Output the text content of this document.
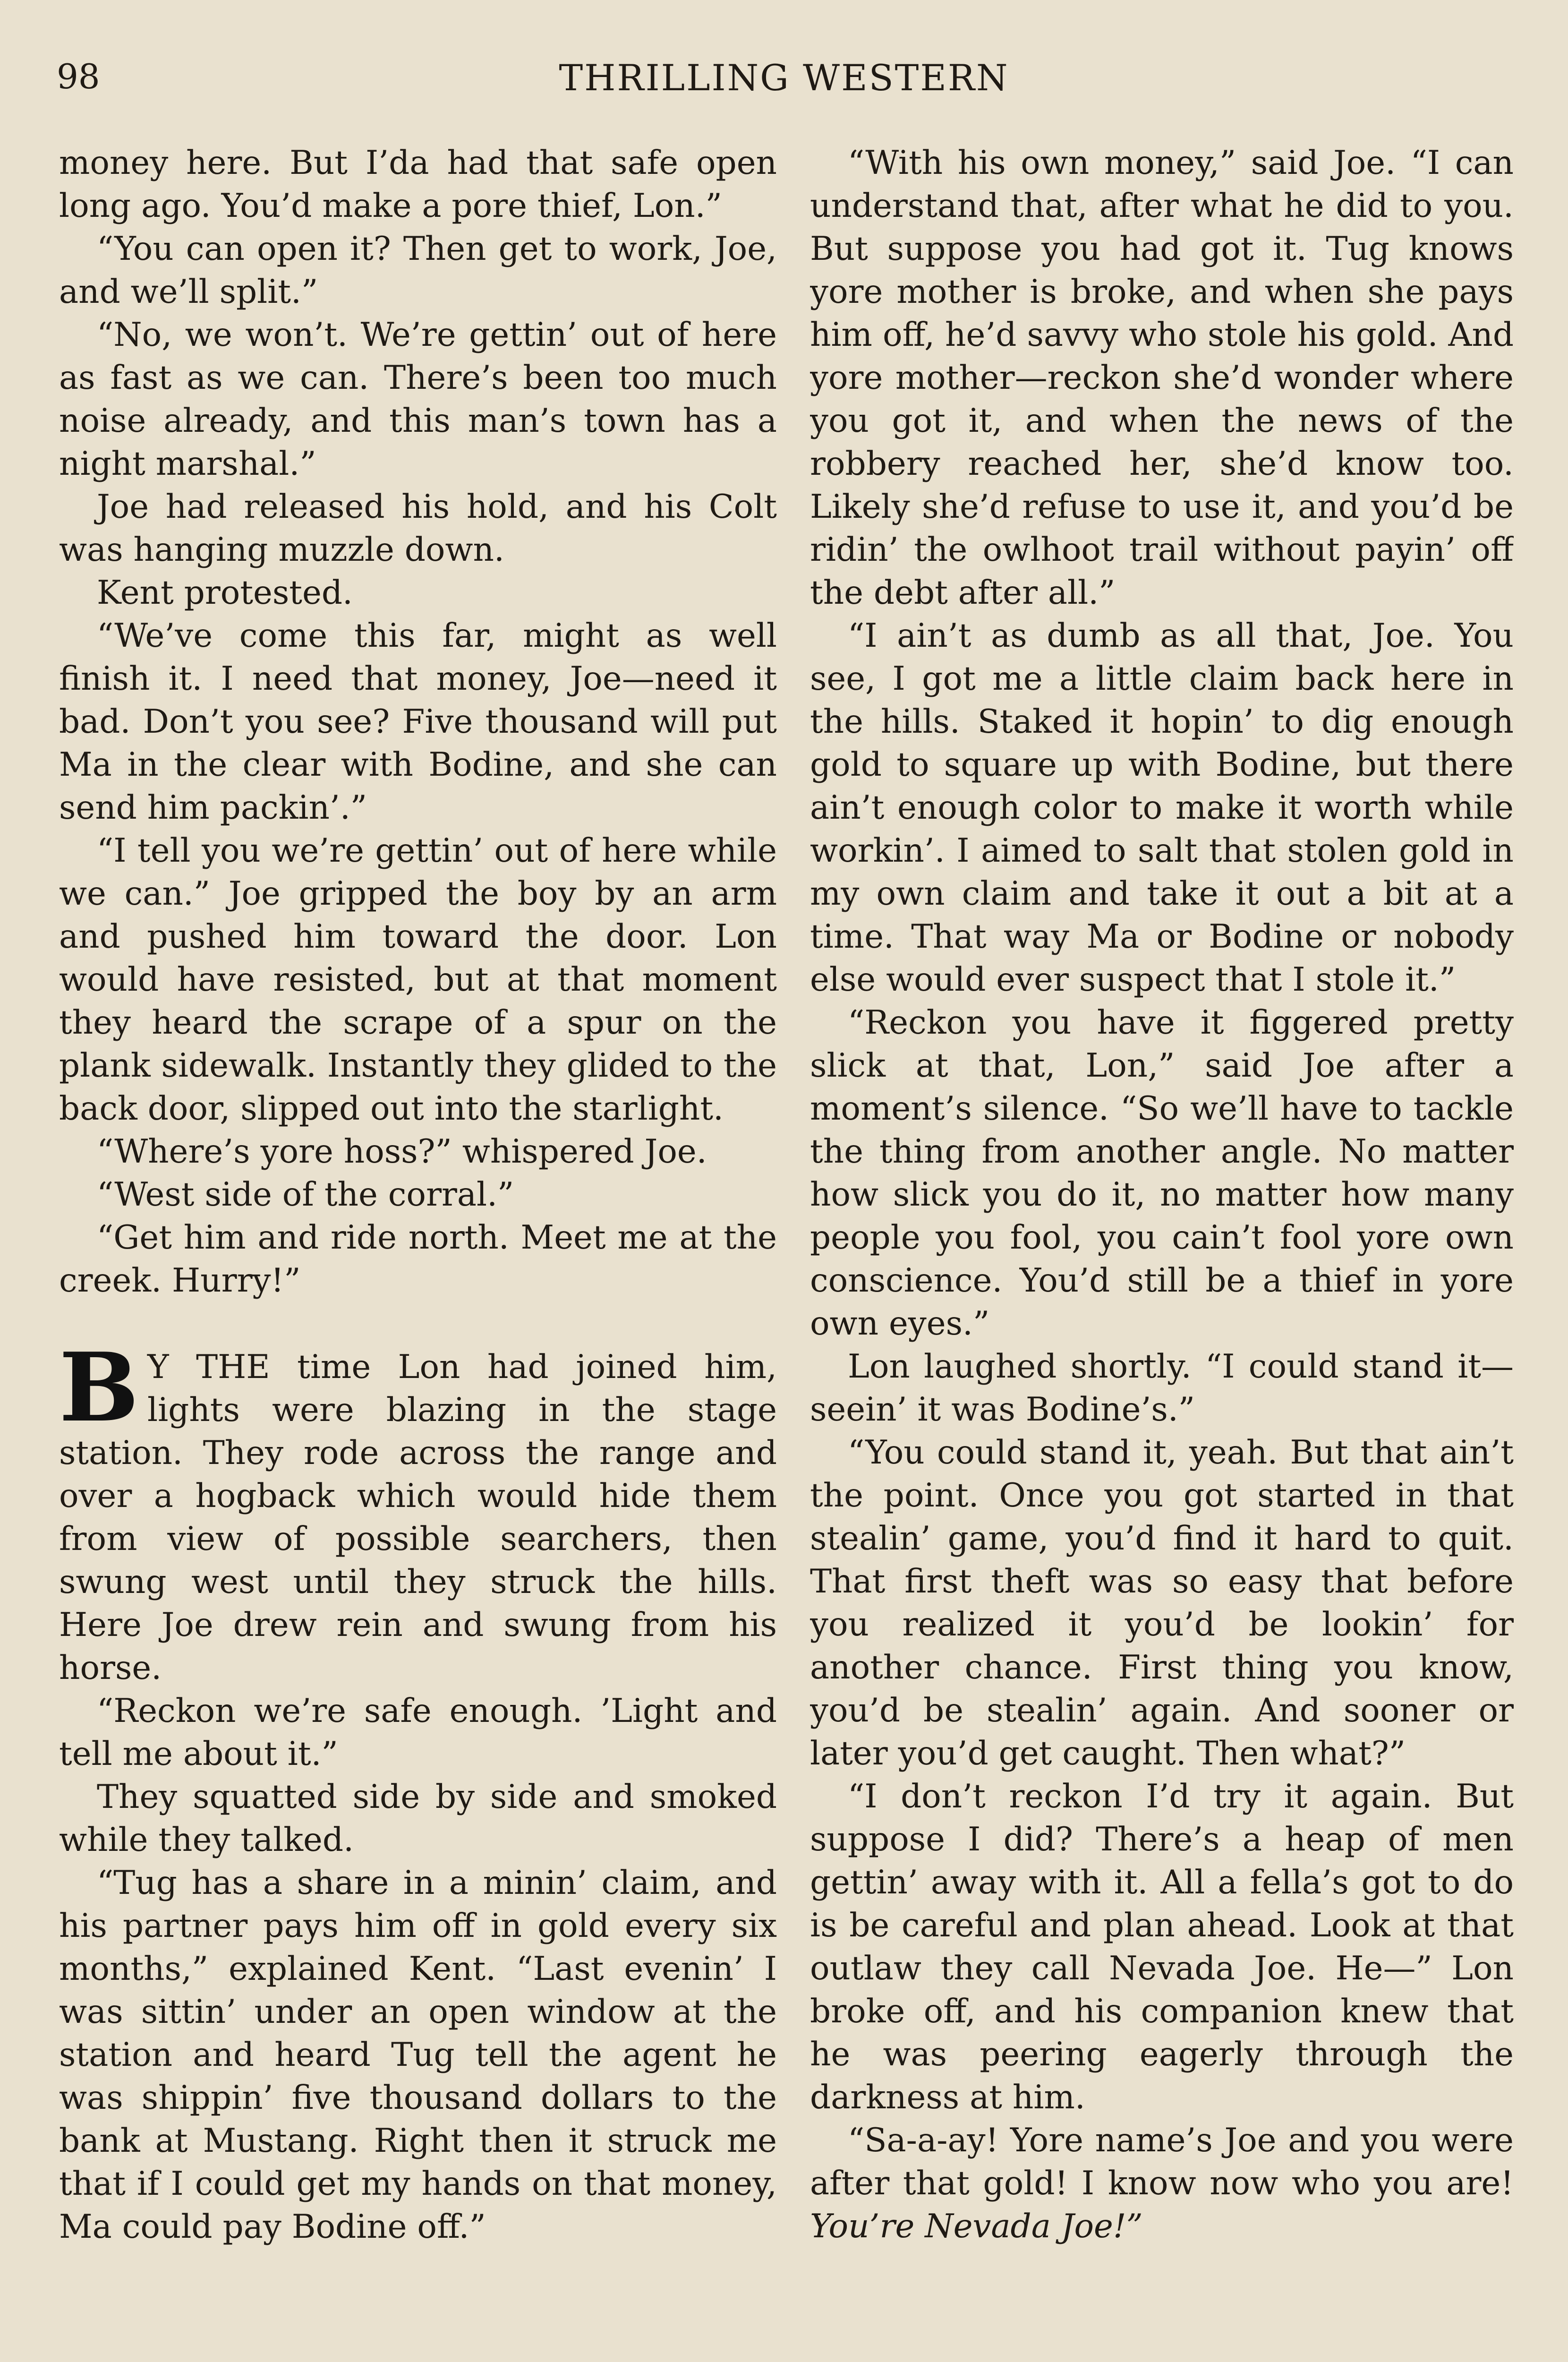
98	THRILLING WESTERN

money here. But I’da had that safe open long ago. You’d make a pore thief, Lon.”

“You can open it? Then get to work, Joe, and we’ll split.”

“No, we won’t. We’re gettin’ out of here as fast as we can. There’s been too much noise already, and this man’s town has a night marshal.”

Joe had released his hold, and his Colt was hanging muzzle down.

Kent protested.

“We’ve come this far, might as well finish it. I need that money, Joe—need it bad. Don’t you see? Five thousand will put Ma in the clear with Bodine, and she can send him packin’.”

“I tell you we’re gettin’ out of here while we can.” Joe gripped the boy by an arm and pushed him toward the door. Lon would have resisted, but at that moment they heard the scrape of a spur on the plank sidewalk. Instantly they glided to the back door, slipped out into the starlight.

“Where’s yore hoss?” whispered Joe.

“West side of the corral.”

“Get him and ride north. Meet me at the creek. Hurry!”

B Y THE time Lon had joined him, lights were blazing in the stage station. They rode across the range and over a hogback which would hide them from view of possible searchers, then swung west until they struck the hills. Here Joe drew rein and swung from his horse.

“Reckon we’re safe enough. ’Light and tell me about it.”

They squatted side by side and smoked while they talked.

“Tug has a share in a minin’ claim, and his partner pays him off in gold every six months,” explained Kent. “Last evenin’ I was sittin’ under an open window at the station and heard Tug tell the agent he was shippin’ five thousand dollars to the bank at Mustang. Right then it struck me that if I could get my hands on that money, Ma could pay Bodine off.”

“With his own money,” said Joe. “I can understand that, after what he did to you. But suppose you had got it. Tug knows yore mother is broke, and when she pays him off, he’d savvy who stole his gold. And yore mother—reckon she’d wonder where you got it, and when the news of the robbery reached her, she’d know too. Likely she’d refuse to use it, and you’d be ridin’ the owlhoot trail without payin’ off the debt after all.”

“I ain’t as dumb as all that, Joe. You see, I got me a little claim back here in the hills. Staked it hopin’ to dig enough gold to square up with Bodine, but there ain’t enough color to make it worth while workin’. I aimed to salt that stolen gold in my own claim and take it out a bit at a time. That way Ma or Bodine or nobody else would ever suspect that I stole it.”

“Reckon you have it figgered pretty slick at that, Lon,” said Joe after a moment’s silence. “So we’ll have to tackle the thing from another angle. No matter how slick you do it, no matter how many people you fool, you cain’t fool yore own conscience. You’d still be a thief in yore own eyes.”

Lon laughed shortly. “I could stand it—seein’ it was Bodine’s.”

“You could stand it, yeah. But that ain’t the point. Once you got started in that stealin’ game, you’d find it hard to quit. That first theft was so easy that before you realized it you’d be lookin’ for another chance. First thing you know, you’d be stealin’ again. And sooner or later you’d get caught. Then what?”

“I don’t reckon I’d try it again. But suppose I did? There’s a heap of men gettin’ away with it. All a fella’s got to do is be careful and plan ahead. Look at that outlaw they call Nevada Joe. He—” Lon broke off, and his companion knew that he was peering eagerly through the darkness at him.

“Sa-a-ay! Yore name’s Joe and you were after that gold! I know now who you are! You’re Nevada Joe!”
